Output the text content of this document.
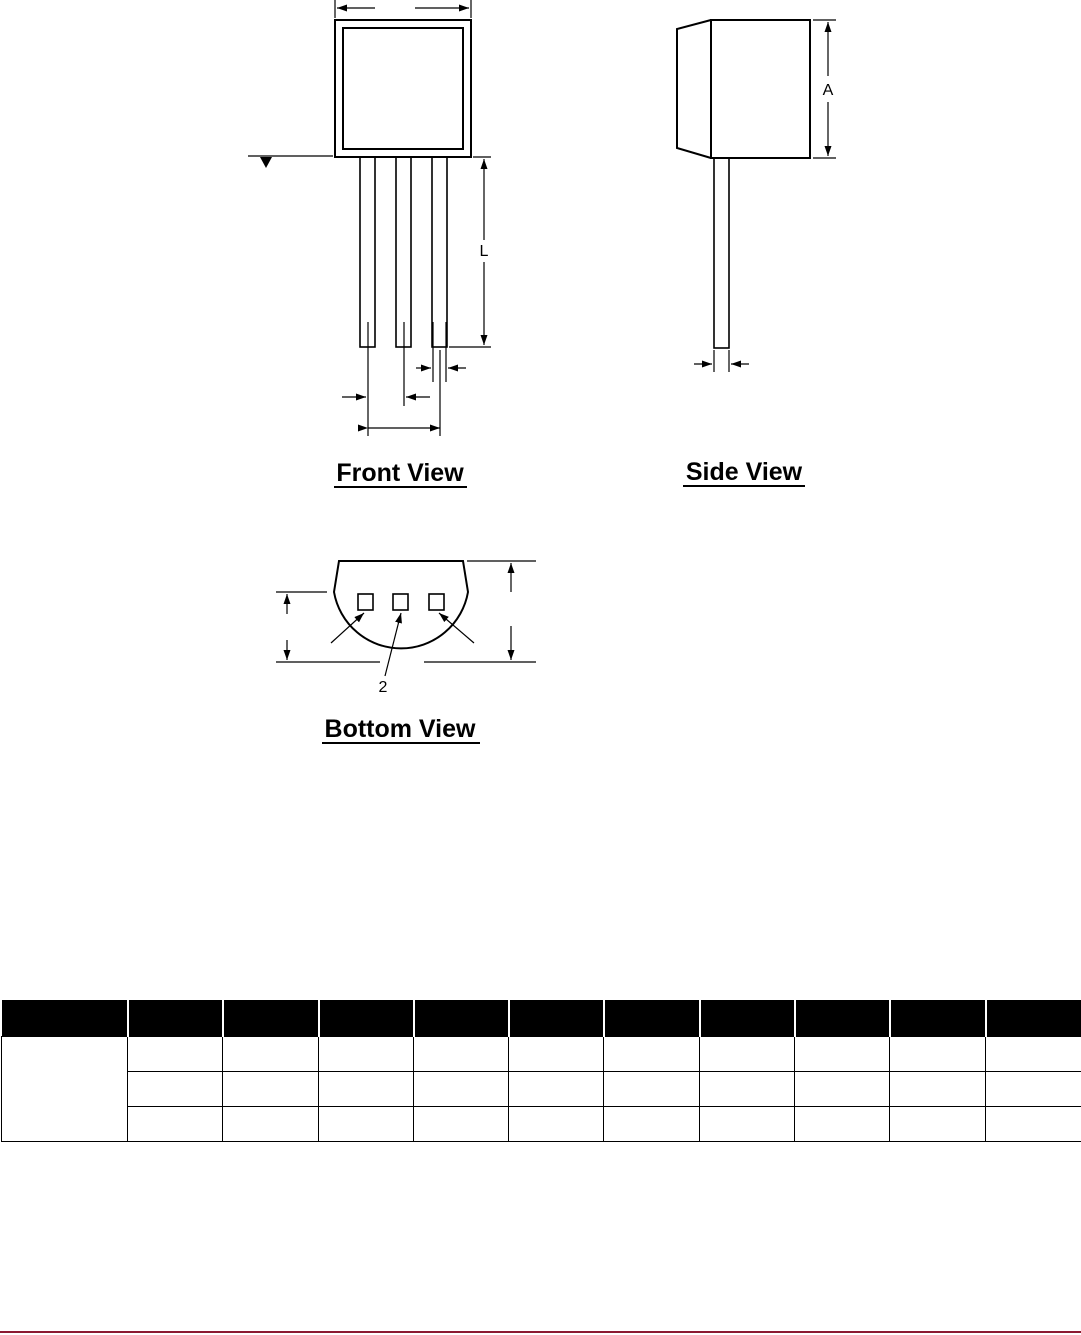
L
Front View
A
Side View
2
Bottom View
